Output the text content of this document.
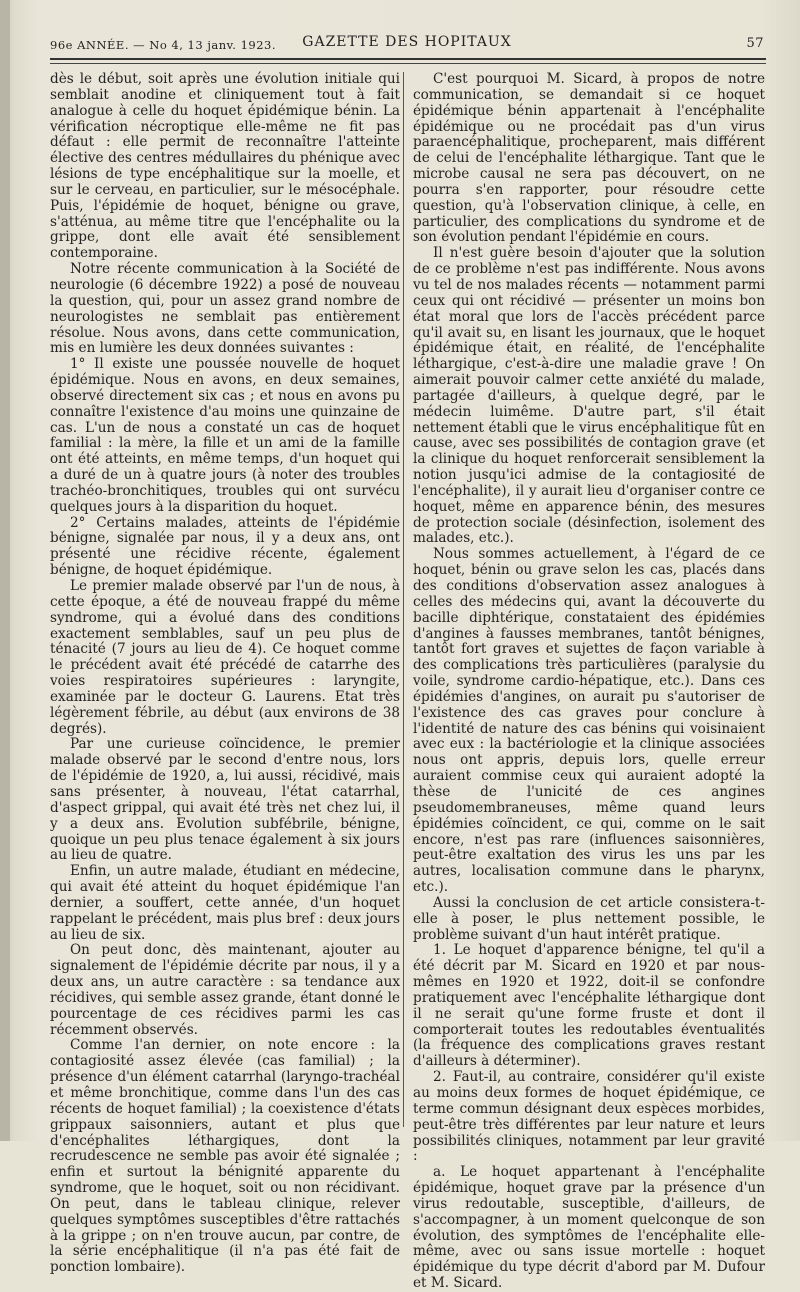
96e ANNÉE. — No 4, 13 janv. 1923.	GAZETTE DES HOPITAUX	57

dès le début, soit après une évolution initiale qui semblait anodine et cliniquement tout à fait analogue à celle du hoquet épidémique bénin. La vérification nécroptique elle-même ne fit pas défaut : elle permit de reconnaître l'atteinte élective des centres médullaires du phénique avec lésions de type encéphalitique sur la moelle, et sur le cerveau, en particulier, sur le mésocéphale. Puis, l'épidémie de hoquet, bénigne ou grave, s'atténua, au même titre que l'encéphalite ou la grippe, dont elle avait été sensiblement contemporaine.

Notre récente communication à la Société de neurologie (6 décembre 1922) a posé de nouveau la question, qui, pour un assez grand nombre de neurologistes ne semblait pas entièrement résolue. Nous avons, dans cette communication, mis en lumière les deux données suivantes :

1° Il existe une poussée nouvelle de hoquet épidémique. Nous en avons, en deux semaines, observé directement six cas ; et nous en avons pu connaître l'existence d'au moins une quinzaine de cas. L'un de nous a constaté un cas de hoquet familial : la mère, la fille et un ami de la famille ont été atteints, en même temps, d'un hoquet qui a duré de un à quatre jours (à noter des troubles trachéo-bronchitiques, troubles qui ont survécu quelques jours à la disparition du hoquet.

2° Certains malades, atteints de l'épidémie bénigne, signalée par nous, il y a deux ans, ont présenté une récidive récente, également bénigne, de hoquet épidémique.

Le premier malade observé par l'un de nous, à cette époque, a été de nouveau frappé du même syndrome, qui a évolué dans des conditions exactement semblables, sauf un peu plus de ténacité (7 jours au lieu de 4). Ce hoquet comme le précédent avait été précédé de catarrhe des voies respiratoires supérieures : laryngite, examinée par le docteur G. Laurens. Etat très légèrement fébrile, au début (aux environs de 38 degrés).

Par une curieuse coïncidence, le premier malade observé par le second d'entre nous, lors de l'épidémie de 1920, a, lui aussi, récidivé, mais sans présenter, à nouveau, l'état catarrhal, d'aspect grippal, qui avait été très net chez lui, il y a deux ans. Evolution subfébrile, bénigne, quoique un peu plus tenace également à six jours au lieu de quatre.

Enfin, un autre malade, étudiant en médecine, qui avait été atteint du hoquet épidémique l'an dernier, a souffert, cette année, d'un hoquet rappelant le précédent, mais plus bref : deux jours au lieu de six.

On peut donc, dès maintenant, ajouter au signalement de l'épidémie décrite par nous, il y a deux ans, un autre caractère : sa tendance aux récidives, qui semble assez grande, étant donné le pourcentage de ces récidives parmi les cas récemment observés.

Comme l'an dernier, on note encore : la contagiosité assez élevée (cas familial) ; la présence d'un élément catarrhal (laryngo-trachéal et même bronchitique, comme dans l'un des cas récents de hoquet familial) ; la coexistence d'états grippaux saisonniers, autant et plus que d'encéphalites léthargiques, dont la recrudescence ne semble pas avoir été signalée ; enfin et surtout la bénignité apparente du syndrome, que le hoquet, soit ou non récidivant. On peut, dans le tableau clinique, relever quelques symptômes susceptibles d'être rattachés à la grippe ; on n'en trouve aucun, par contre, de la série encéphalitique (il n'a pas été fait de ponction lombaire).

C'est pourquoi M. Sicard, à propos de notre communication, se demandait si ce hoquet épidémique bénin appartenait à l'encéphalite épidémique ou ne procédait pas d'un virus paraencéphalitique, procheparent, mais différent de celui de l'encéphalite léthargique. Tant que le microbe causal ne sera pas découvert, on ne pourra s'en rapporter, pour résoudre cette question, qu'à l'observation clinique, à celle, en particulier, des complications du syndrome et de son évolution pendant l'épidémie en cours.

Il n'est guère besoin d'ajouter que la solution de ce problème n'est pas indifférente. Nous avons vu tel de nos malades récents — notamment parmi ceux qui ont récidivé — présenter un moins bon état moral que lors de l'accès précédent parce qu'il avait su, en lisant les journaux, que le hoquet épidémique était, en réalité, de l'encéphalite léthargique, c'est-à-dire une maladie grave ! On aimerait pouvoir calmer cette anxiété du malade, partagée d'ailleurs, à quelque degré, par le médecin luimême. D'autre part, s'il était nettement établi que le virus encéphalitique fût en cause, avec ses possibilités de contagion grave (et la clinique du hoquet renforcerait sensiblement la notion jusqu'ici admise de la contagiosité de l'encéphalite), il y aurait lieu d'organiser contre ce hoquet, même en apparence bénin, des mesures de protection sociale (désinfection, isolement des malades, etc.).

Nous sommes actuellement, à l'égard de ce hoquet, bénin ou grave selon les cas, placés dans des conditions d'observation assez analogues à celles des médecins qui, avant la découverte du bacille diphtérique, constataient des épidémies d'angines à fausses membranes, tantôt bénignes, tantôt fort graves et sujettes de façon variable à des complications très particulières (paralysie du voile, syndrome cardio-hépatique, etc.). Dans ces épidémies d'angines, on aurait pu s'autoriser de l'existence des cas graves pour conclure à l'identité de nature des cas bénins qui voisinaient avec eux : la bactériologie et la clinique associées nous ont appris, depuis lors, quelle erreur auraient commise ceux qui auraient adopté la thèse de l'unicité de ces angines pseudomembraneuses, même quand leurs épidémies coïncident, ce qui, comme on le sait encore, n'est pas rare (influences saisonnières, peut-être exaltation des virus les uns par les autres, localisation commune dans le pharynx, etc.).

Aussi la conclusion de cet article consistera-t-elle à poser, le plus nettement possible, le problème suivant d'un haut intérêt pratique.

1. Le hoquet d'apparence bénigne, tel qu'il a été décrit par M. Sicard en 1920 et par nous-mêmes en 1920 et 1922, doit-il se confondre pratiquement avec l'encéphalite léthargique dont il ne serait qu'une forme fruste et dont il comporterait toutes les redoutables éventualités (la fréquence des complications graves restant d'ailleurs à déterminer).

2. Faut-il, au contraire, considérer qu'il existe au moins deux formes de hoquet épidémique, ce terme commun désignant deux espèces morbides, peut-être très différentes par leur nature et leurs possibilités cliniques, notamment par leur gravité :

a. Le hoquet appartenant à l'encéphalite épidémique, hoquet grave par la présence d'un virus redoutable, susceptible, d'ailleurs, de s'accompagner, à un moment quelconque de son évolution, des symptômes de l'encéphalite elle-même, avec ou sans issue mortelle : hoquet épidémique du type décrit d'abord par M. Dufour et M. Sicard.
